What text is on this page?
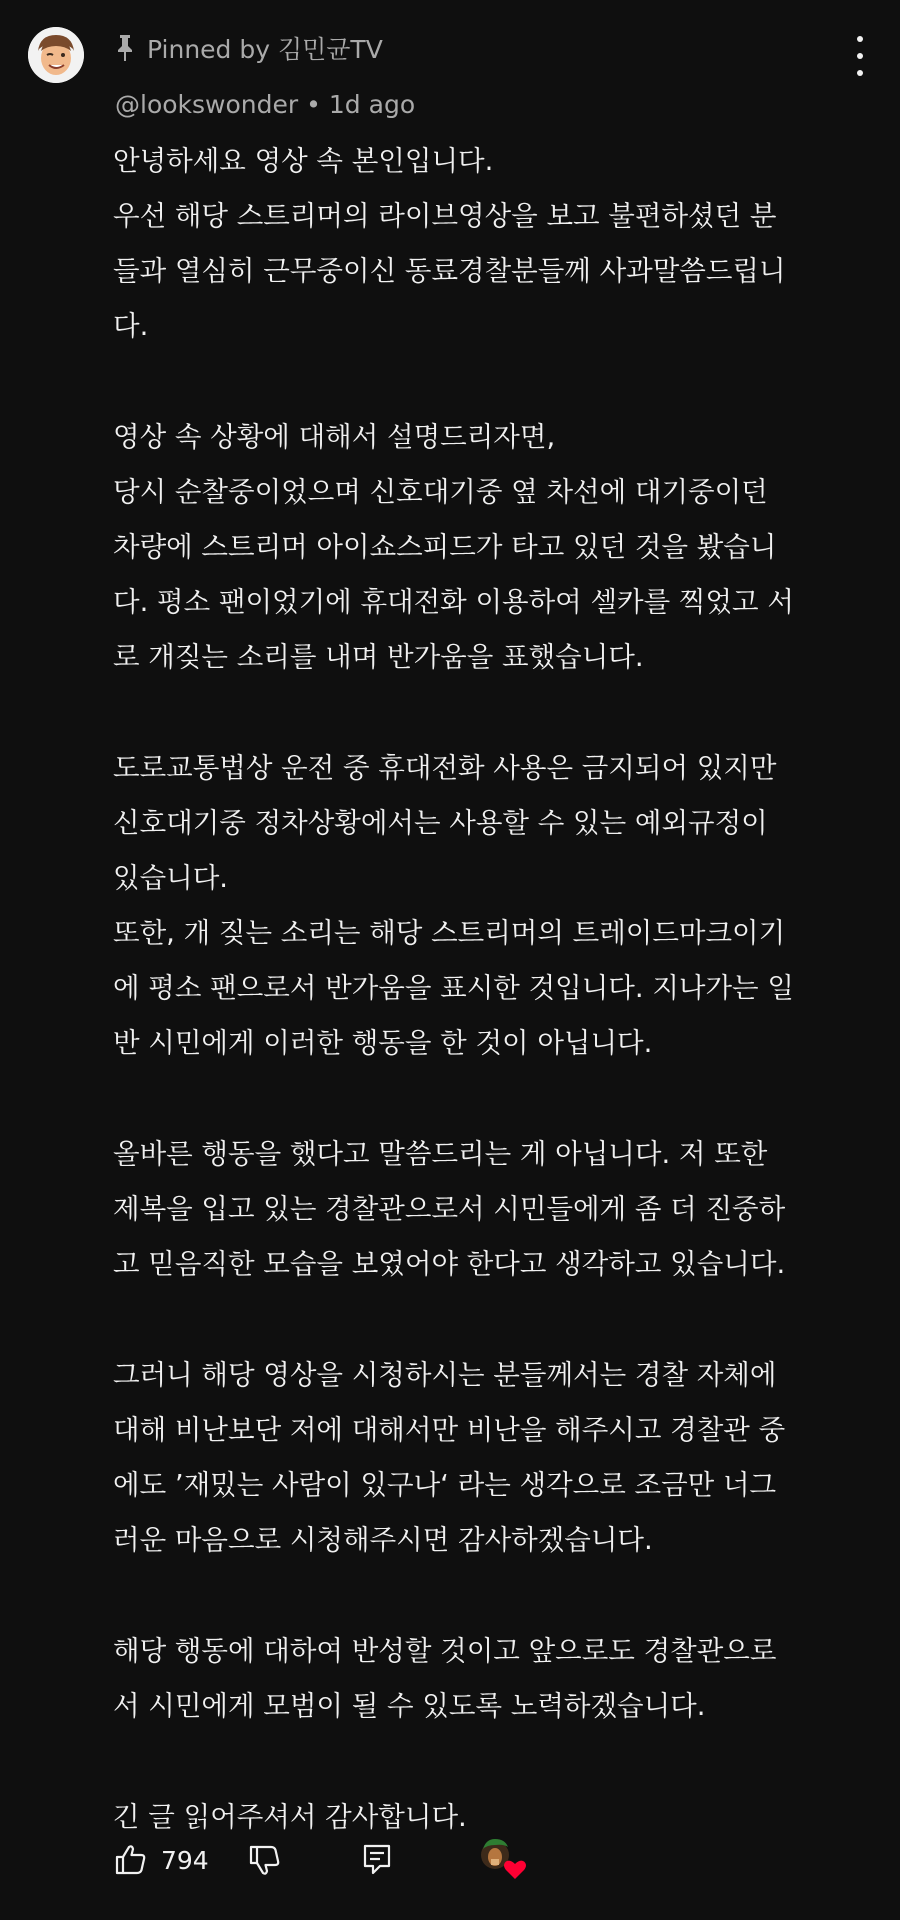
Pinned by 김민균TV
@lookswonder • 1d ago

안녕하세요 영상 속 본인입니다.

우선 해당 스트리머의 라이브영상을 보고 불편하셨던 분

들과 열심히 근무중이신 동료경찰분들께 사과말씀드립니

다.

영상 속 상황에 대해서 설명드리자면,

당시 순찰중이었으며 신호대기중 옆 차선에 대기중이던

차량에 스트리머 아이쇼스피드가 타고 있던 것을 봤습니

다. 평소 팬이었기에 휴대전화 이용하여 셀카를 찍었고 서

로 개짖는 소리를 내며 반가움을 표했습니다.

도로교통법상 운전 중 휴대전화 사용은 금지되어 있지만

신호대기중 정차상황에서는 사용할 수 있는 예외규정이

있습니다.

또한, 개 짖는 소리는 해당 스트리머의 트레이드마크이기

에 평소 팬으로서 반가움을 표시한 것입니다. 지나가는 일

반 시민에게 이러한 행동을 한 것이 아닙니다.

올바른 행동을 했다고 말씀드리는 게 아닙니다. 저 또한

제복을 입고 있는 경찰관으로서 시민들에게 좀 더 진중하

고 믿음직한 모습을 보였어야 한다고 생각하고 있습니다.

그러니 해당 영상을 시청하시는 분들께서는 경찰 자체에

대해 비난보단 저에 대해서만 비난을 해주시고 경찰관 중

에도 ’재밌는 사람이 있구나‘ 라는 생각으로 조금만 너그

러운 마음으로 시청해주시면 감사하겠습니다.

해당 행동에 대하여 반성할 것이고 앞으로도 경찰관으로

서 시민에게 모범이 될 수 있도록 노력하겠습니다.

긴 글 읽어주셔서 감사합니다.

794
